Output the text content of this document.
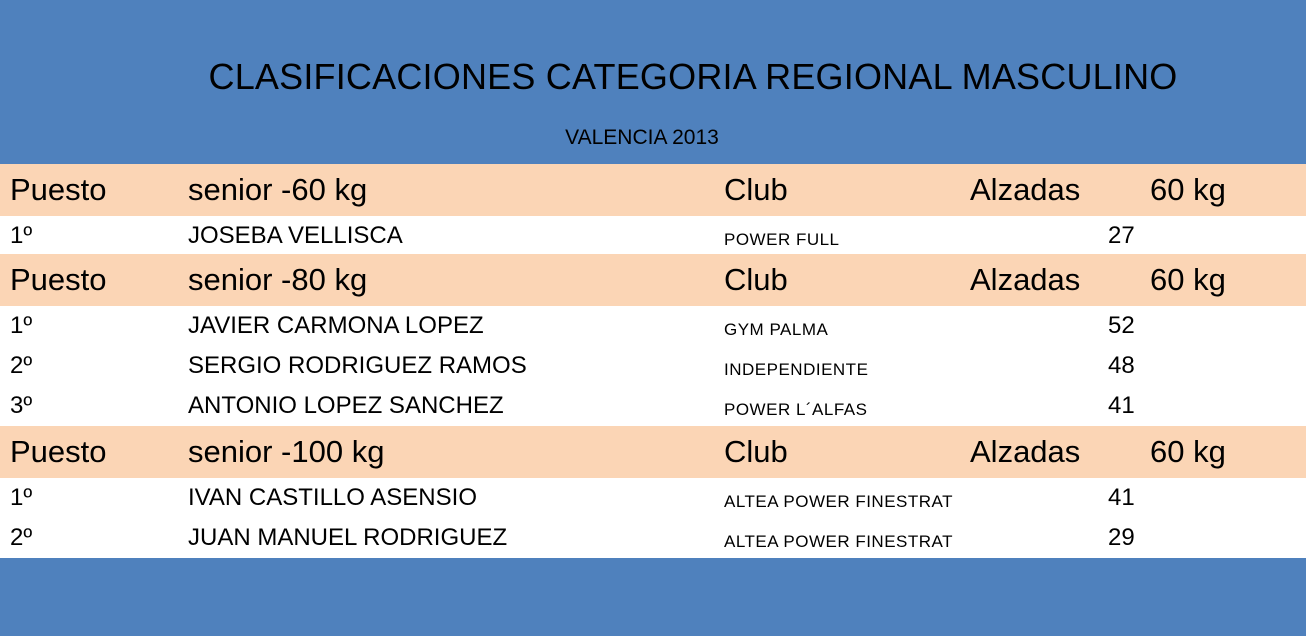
CLASIFICACIONES CATEGORIA REGIONAL MASCULINO
VALENCIA 2013
Puesto	senior -60 kg	Club	Alzadas 60 kg
1º	JOSEBA VELLISCA	POWER FULL	27
Puesto	senior -80 kg	Club	Alzadas 60 kg
1º	JAVIER CARMONA LOPEZ	GYM PALMA	52
2º	SERGIO RODRIGUEZ RAMOS	INDEPENDIENTE	48
3º	ANTONIO LOPEZ SANCHEZ	POWER L´ALFAS	41
Puesto	senior -100 kg	Club	Alzadas 60 kg
1º	IVAN CASTILLO ASENSIO	ALTEA POWER FINESTRAT	41
2º	JUAN MANUEL RODRIGUEZ	ALTEA POWER FINESTRAT	29
